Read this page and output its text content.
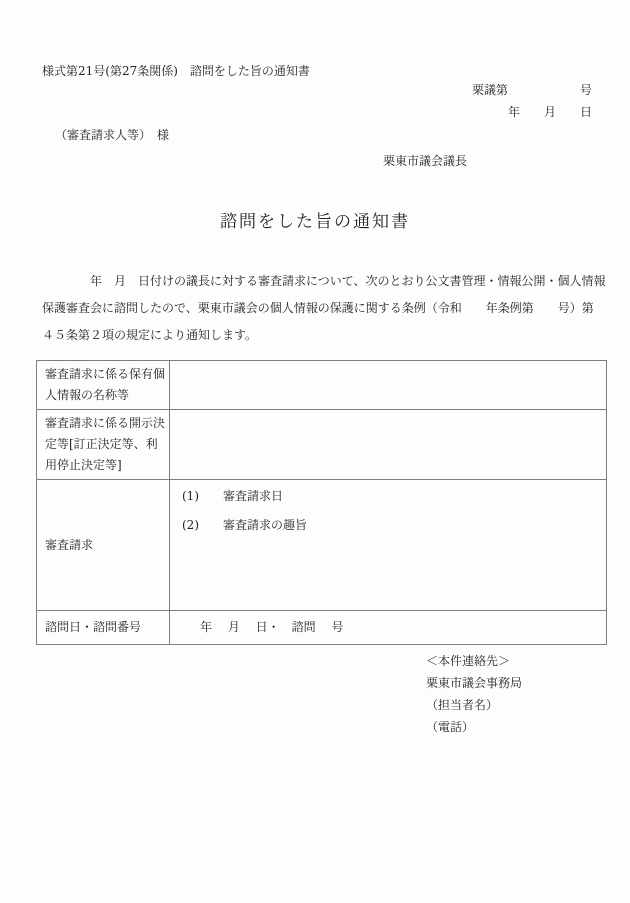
様式第21号(第27条関係)　諮問をした旨の通知書
栗議第　　　　　　号
年　　月　　日
（審査請求人等）　様
栗東市議会議長
諮問をした旨の通知書
　　　　年　月　日付けの議長に対する審査請求について、次のとおり公文書管理・情報公開・個人情報
保護審査会に諮問したので、栗東市議会の個人情報の保護に関する条例（令和　　年条例第　　号）第
４５条第２項の規定により通知します。
審査請求に係る保有個人情報の名称等	
審査請求に係る開示決定等[訂正決定等、利用停止決定等]	
審査請求	(1)　　審査請求日
(2)　　審査請求の趣旨

諮問日・諮問番号	年　 月　 日・　諮問　 号
＜本件連絡先＞
栗東市議会事務局
（担当者名）
（電話）
